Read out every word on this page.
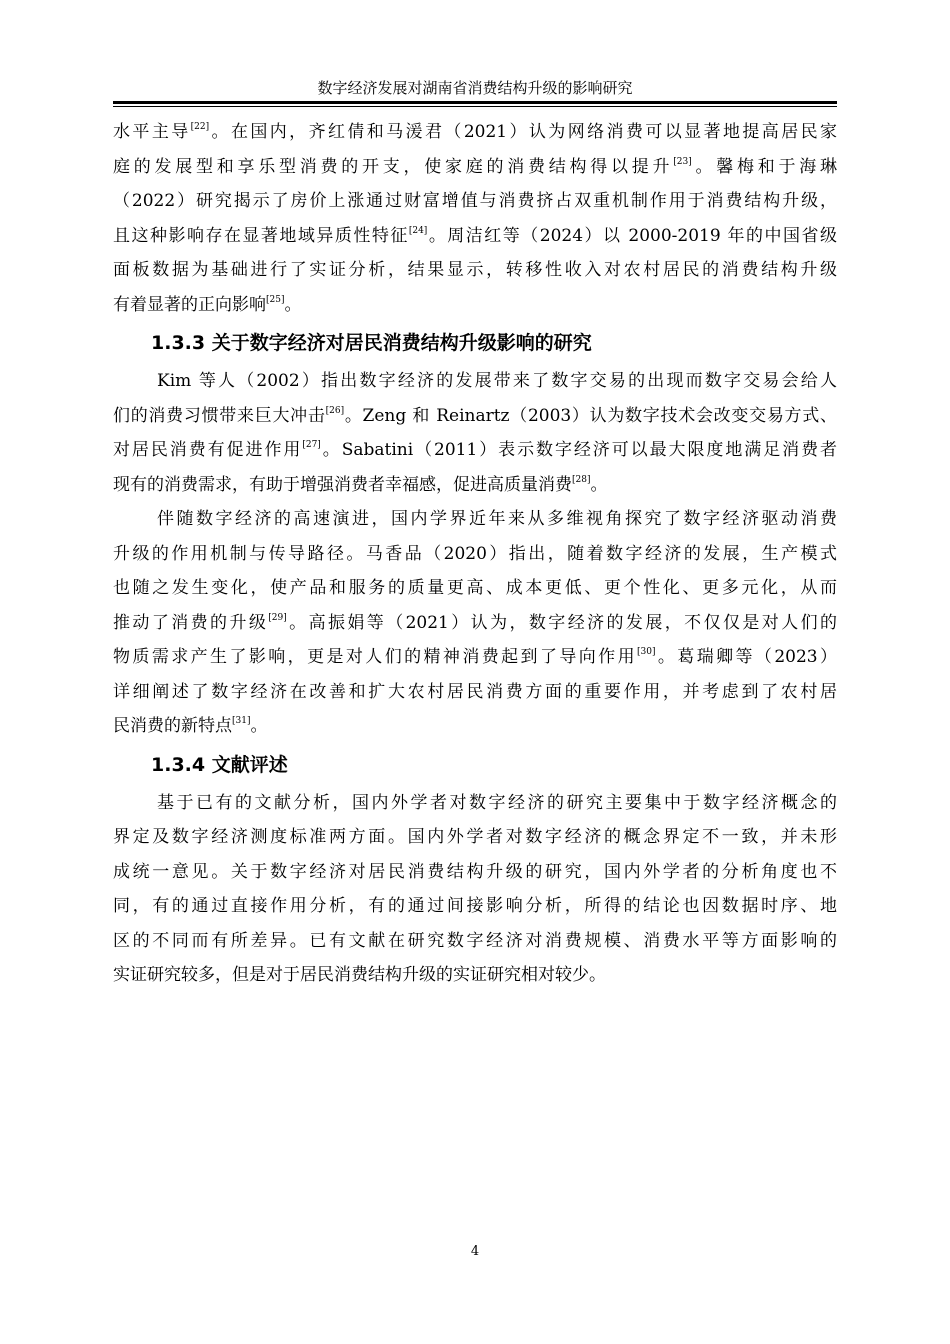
数字经济发展对湖南省消费结构升级的影响研究
水平主导[22]。在国内，齐红倩和马湲君（2021）认为网络消费可以显著地提高居民家
庭的发展型和享乐型消费的开支，使家庭的消费结构得以提升[23]。馨梅和于海琳
（2022）研究揭示了房价上涨通过财富增值与消费挤占双重机制作用于消费结构升级，
且这种影响存在显著地域异质性特征[24]。周洁红等（2024）以 2000-2019 年的中国省级
面板数据为基础进行了实证分析，结果显示，转移性收入对农村居民的消费结构升级
有着显著的正向影响[25]。
1.3.3 关于数字经济对居民消费结构升级影响的研究
Kim 等人（2002）指出数字经济的发展带来了数字交易的出现而数字交易会给人
们的消费习惯带来巨大冲击[26]。Zeng 和 Reinartz（2003）认为数字技术会改变交易方式、
对居民消费有促进作用[27]。Sabatini（2011）表示数字经济可以最大限度地满足消费者
现有的消费需求，有助于增强消费者幸福感，促进高质量消费[28]。
伴随数字经济的高速演进，国内学界近年来从多维视角探究了数字经济驱动消费
升级的作用机制与传导路径。马香品（2020）指出，随着数字经济的发展，生产模式
也随之发生变化，使产品和服务的质量更高、成本更低、更个性化、更多元化，从而
推动了消费的升级[29]。高振娟等（2021）认为，数字经济的发展，不仅仅是对人们的
物质需求产生了影响，更是对人们的精神消费起到了导向作用[30]。葛瑞卿等（2023）
详细阐述了数字经济在改善和扩大农村居民消费方面的重要作用，并考虑到了农村居
民消费的新特点[31]。
1.3.4 文献评述
基于已有的文献分析，国内外学者对数字经济的研究主要集中于数字经济概念的
界定及数字经济测度标准两方面。国内外学者对数字经济的概念界定不一致，并未形
成统一意见。关于数字经济对居民消费结构升级的研究，国内外学者的分析角度也不
同，有的通过直接作用分析，有的通过间接影响分析，所得的结论也因数据时序、地
区的不同而有所差异。已有文献在研究数字经济对消费规模、消费水平等方面影响的
实证研究较多，但是对于居民消费结构升级的实证研究相对较少。
4
